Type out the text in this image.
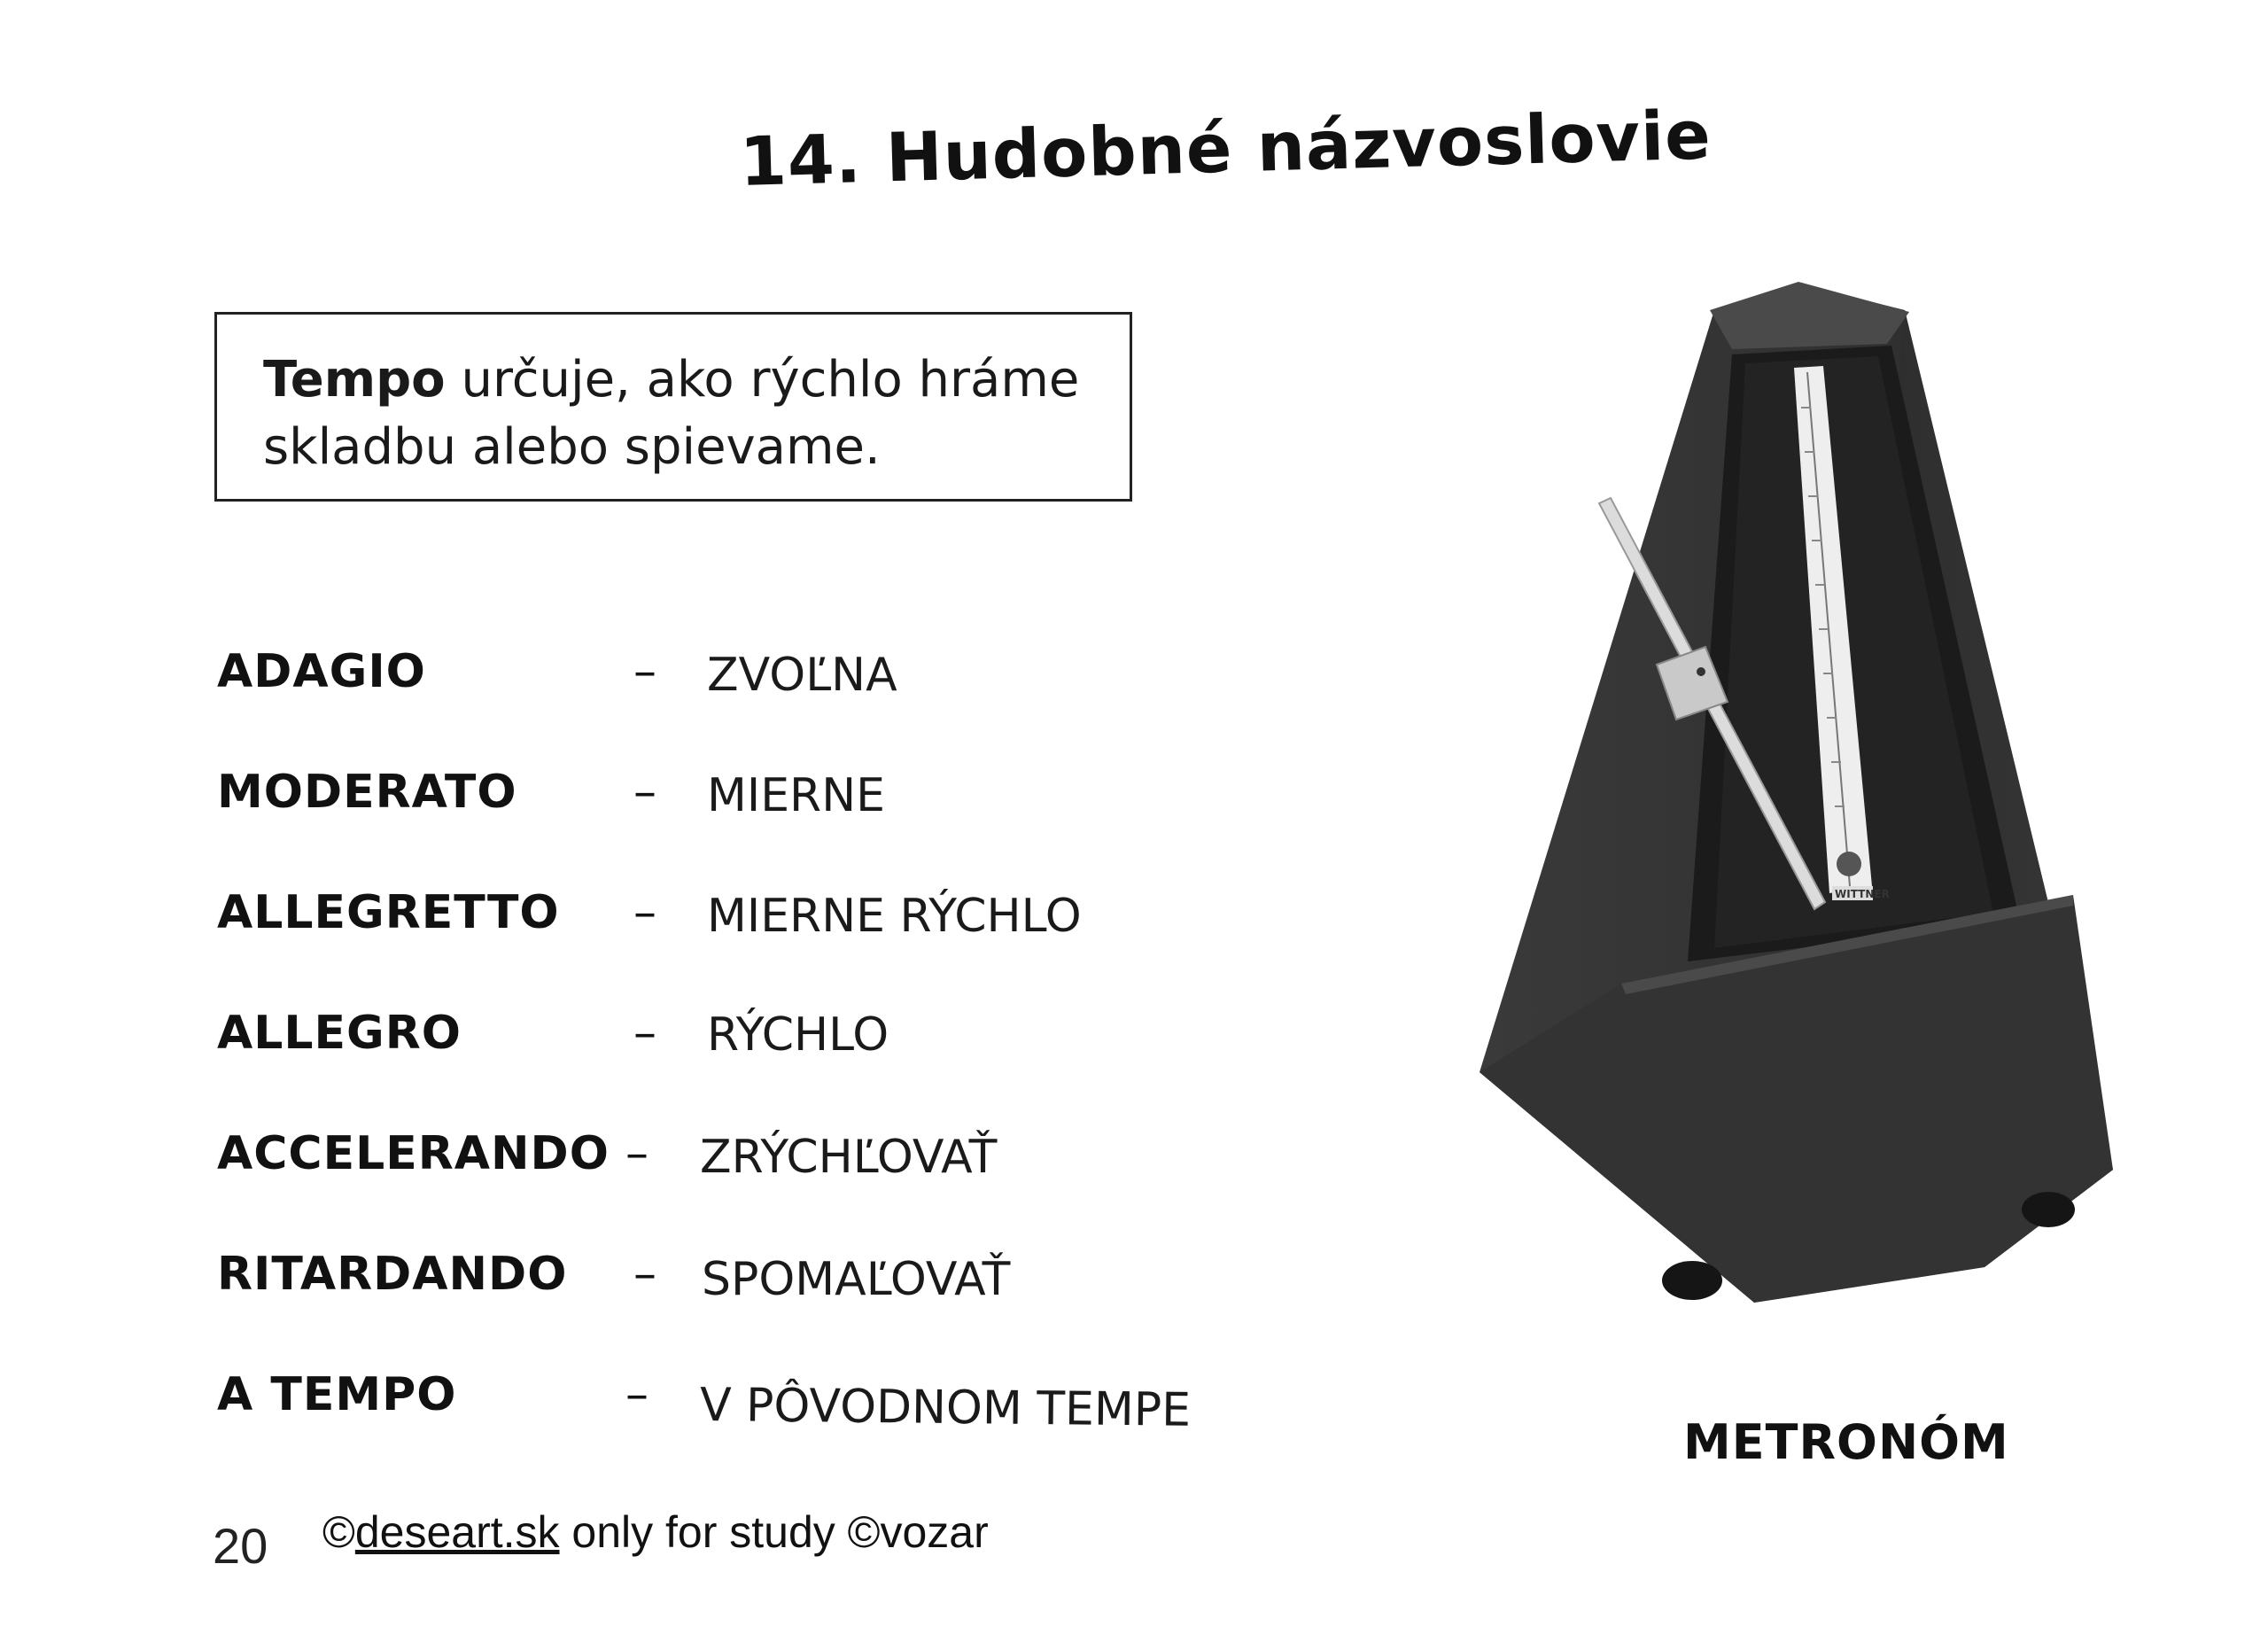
14. Hudobné názvoslovie
Tempo určuje, ako rýchlo hráme skladbu alebo spievame.
ADAGIO	– ZVOĽNA
MODERATO	– MIERNE
ALLEGRETTO – MIERNE RÝCHLO
ALLEGRO	– RÝCHLO
ACCELERANDO – ZRÝCHĽOVAŤ
RITARDANDO – SPOMAĽOVAŤ
A TEMPO	– V PÔVODNOM TEMPE
WITTNER
METRONÓM
20 ©deseart.sk only for study ©vozar
